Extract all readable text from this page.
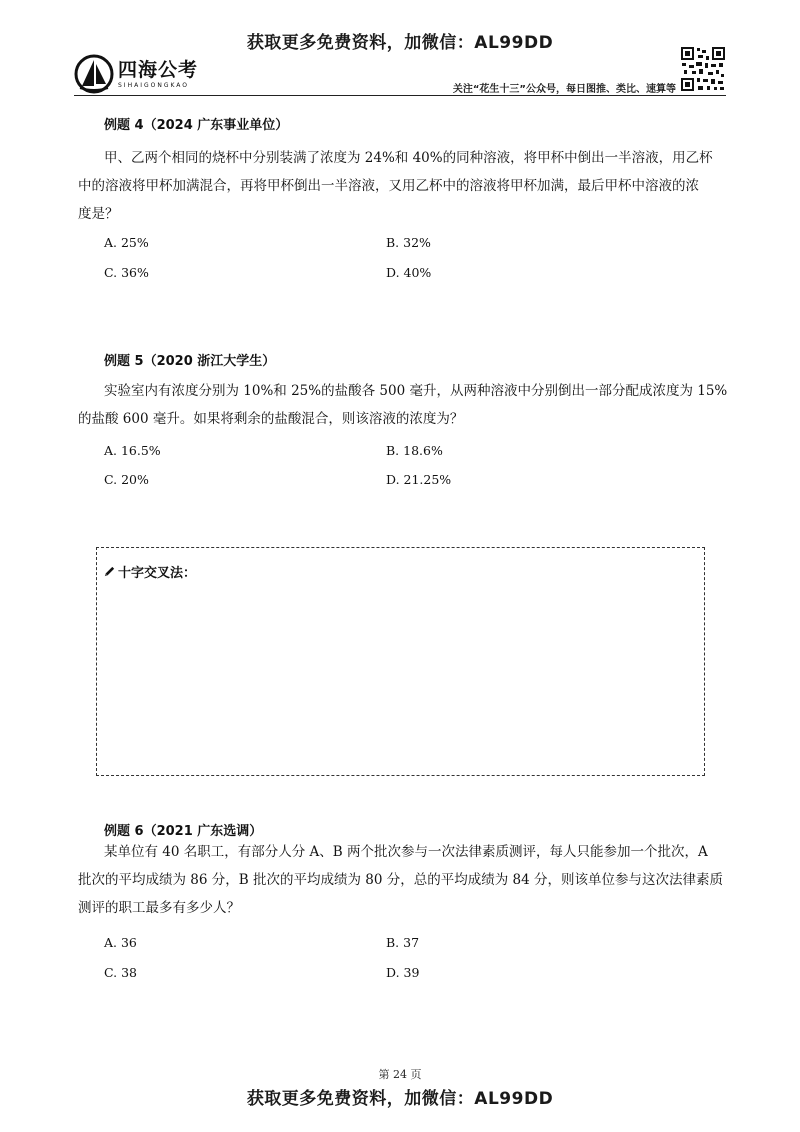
获取更多免费资料，加微信：AL99DD
四海公考
SIHAIGONGKAO	关注“花生十三”公众号，每日图推、类比、速算等
例题 4（2024 广东事业单位）
甲、乙两个相同的烧杯中分别装满了浓度为 24%和 40%的同种溶液，将甲杯中倒出一半溶液，用乙杯
中的溶液将甲杯加满混合，再将甲杯倒出一半溶液，又用乙杯中的溶液将甲杯加满，最后甲杯中溶液的浓
度是？
A. 25%	B. 32%
C. 36%	D. 40%
例题 5（2020 浙江大学生）
实验室内有浓度分别为 10%和 25%的盐酸各 500 毫升，从两种溶液中分别倒出一部分配成浓度为 15%
的盐酸 600 毫升。如果将剩余的盐酸混合，则该溶液的浓度为？
A. 16.5%	B. 18.6%
C. 20%	D. 21.25%
十字交叉法：
例题 6（2021 广东选调）
某单位有 40 名职工，有部分人分 A、B 两个批次参与一次法律素质测评，每人只能参加一个批次，A
批次的平均成绩为 86 分，B 批次的平均成绩为 80 分，总的平均成绩为 84 分，则该单位参与这次法律素质
测评的职工最多有多少人？
A. 36	B. 37
C. 38	D. 39
第 24 页
获取更多免费资料，加微信：AL99DD
